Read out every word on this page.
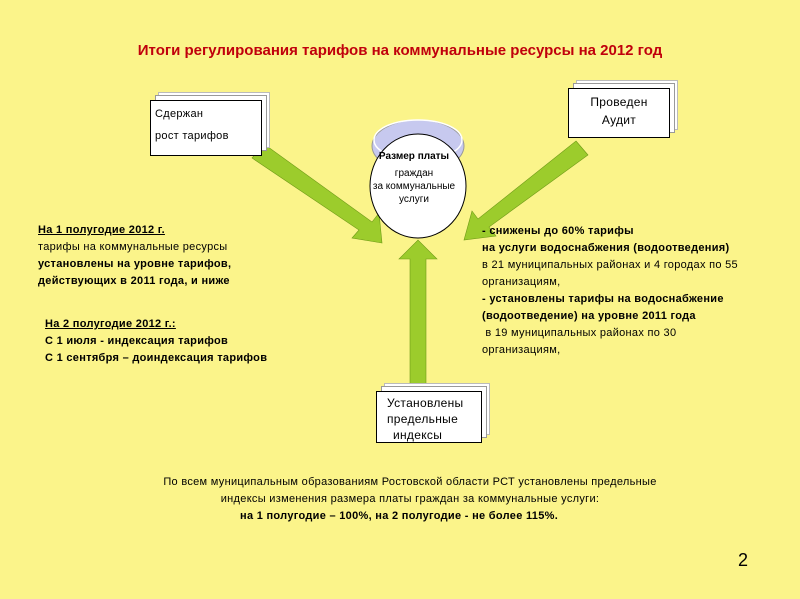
Итоги регулирования тарифов на коммунальные ресурсы на 2012 год
Размер платы
граждан
за коммунальные
услуги
Сдержан
рост тарифов
Проведен
Аудит
Установлены
предельные
индексы
На 1 полугодие 2012 г.
тарифы на коммунальные ресурсы
установлены на уровне тарифов,
действующих в 2011 года, и ниже
На 2 полугодие 2012 г.:
С 1 июля - индексация тарифов
С 1 сентября – доиндексация тарифов
- снижены до 60% тарифы
на услуги водоснабжения (водоотведения)
в 21 муниципальных районах и 4 городах по 55
организациям,
- установлены тарифы на водоснабжение
(водоотведение) на уровне 2011 года
в 19 муниципальных районах по 30
организациям,
По всем муниципальным образованиям Ростовской области РСТ установлены предельные
индексы изменения размера платы граждан за коммунальные услуги:
на 1 полугодие – 100%, на 2 полугодие - не более 115%.
2
